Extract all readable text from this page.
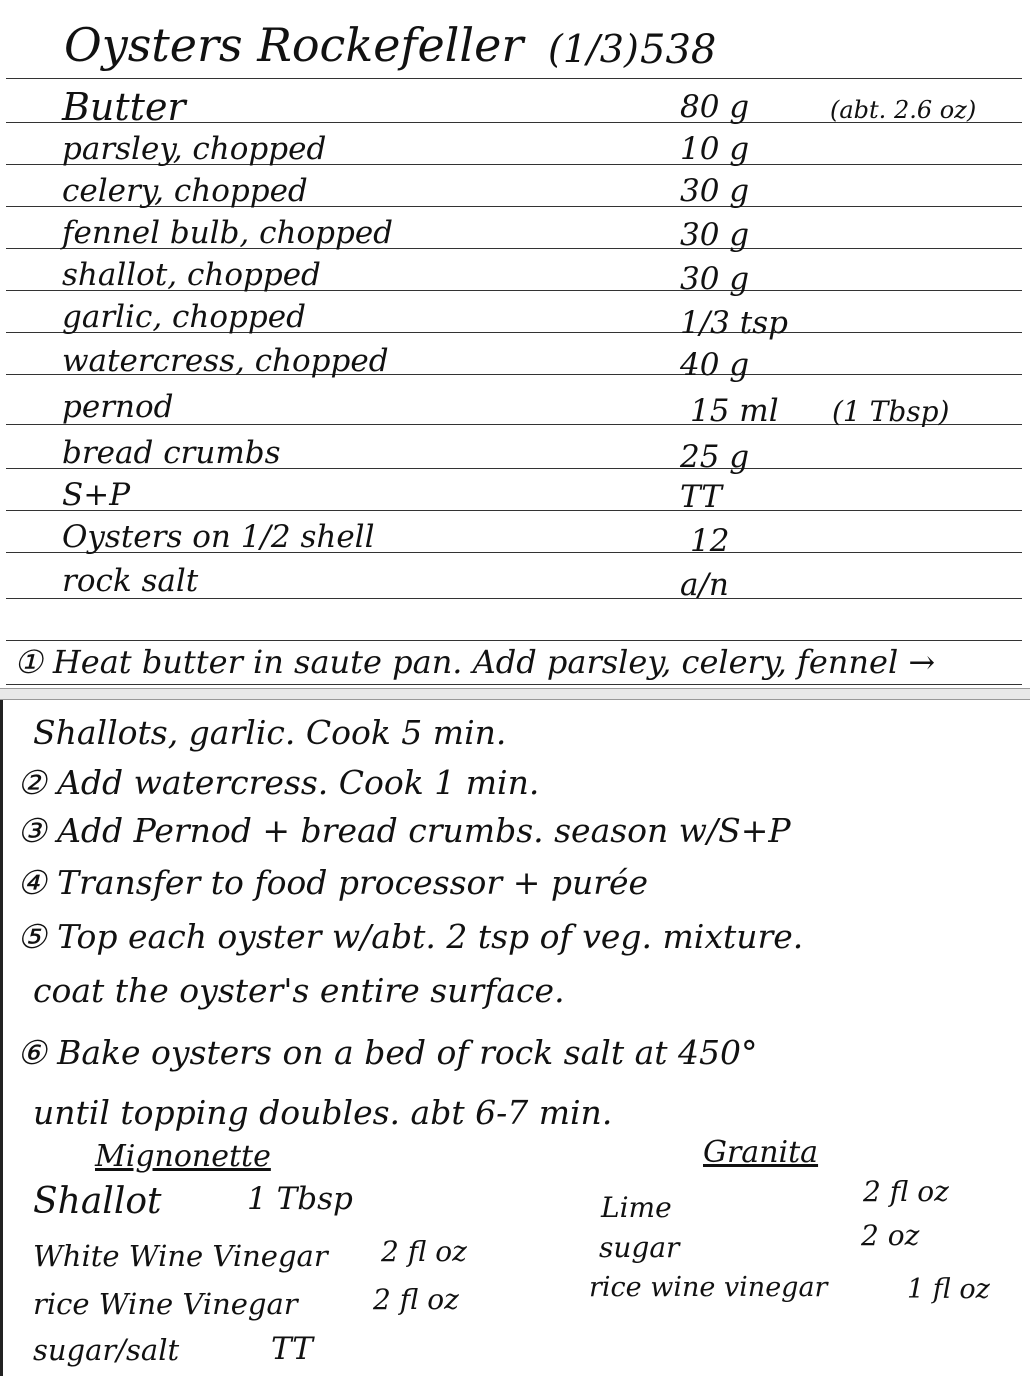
Oysters Rockefeller (1/3) 538
Butter	80 g	(abt. 2.6 oz)
parsley, chopped	10 g
celery, chopped	30 g
fennel bulb, chopped	30 g
shallot, chopped	30 g
garlic, chopped	1/3 tsp
watercress, chopped	40 g
pernod	15 ml (1 Tbsp)
bread crumbs	25 g
S+P	TT
Oysters on 1/2 shell	12
rock salt	a/n
① Heat butter in saute pan. Add parsley, celery, fennel →
Shallots, garlic. Cook 5 min.
② Add watercress. Cook 1 min.
③ Add Pernod + bread crumbs. season w/S+P
④ Transfer to food processor + purée
⑤ Top each oyster w/abt. 2 tsp of veg. mixture.
coat the oyster's entire surface.
⑥ Bake oysters on a bed of rock salt at 450°
until topping doubles. abt 6-7 min.
Mignonette
Shallot	1 Tbsp
White Wine Vinegar 2 fl oz
rice Wine Vinegar	2 fl oz
sugar/salt	TT
Granita
Lime	2 fl oz
sugar	2 oz
rice wine vinegar	1 fl oz
